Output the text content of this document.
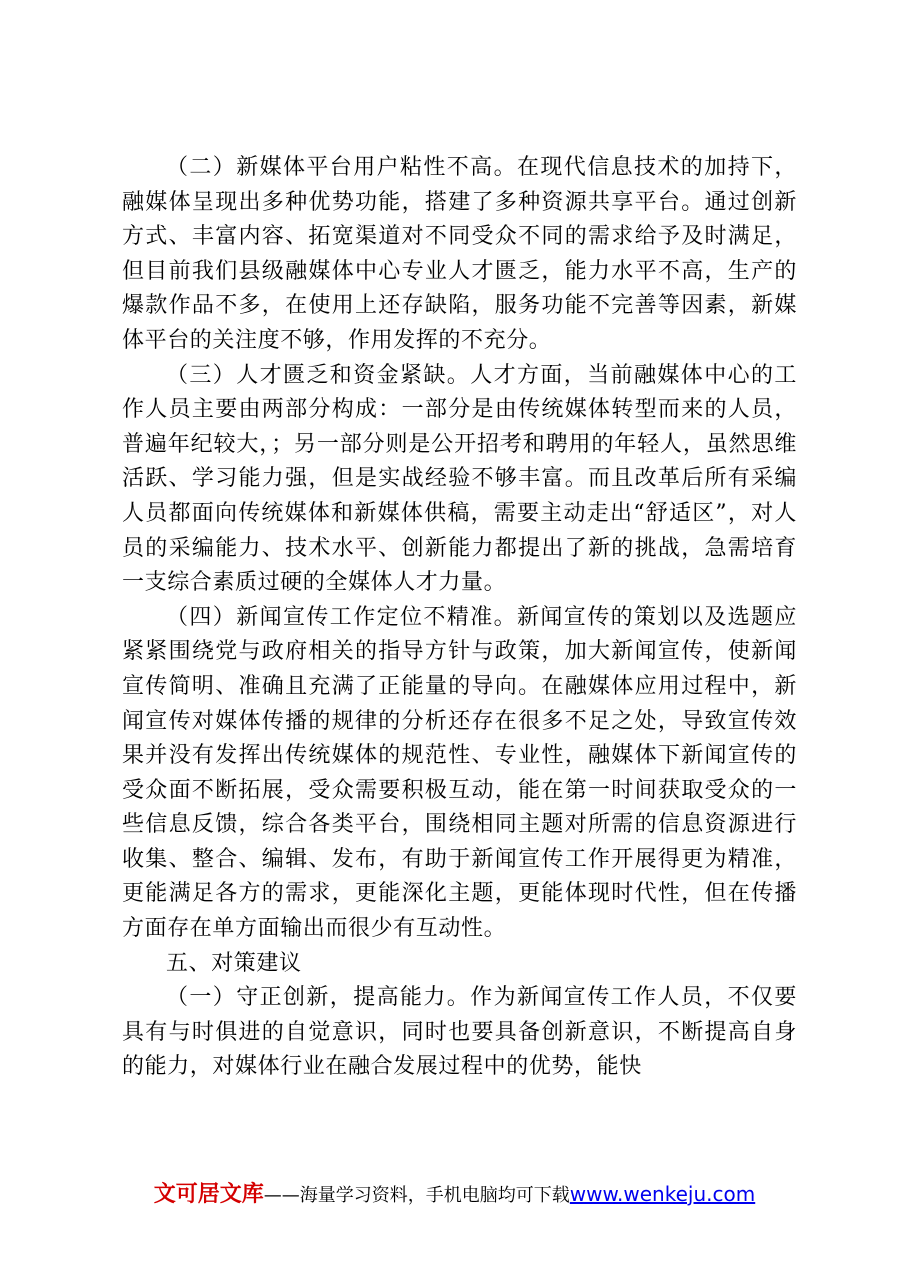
（二）新媒体平台用户粘性不高。在现代信息技术的加持下，融媒体呈现出多种优势功能，搭建了多种资源共享平台。通过创新方式、丰富内容、拓宽渠道对不同受众不同的需求给予及时满足，但目前我们县级融媒体中心专业人才匮乏，能力水平不高，生产的爆款作品不多，在使用上还存缺陷，服务功能不完善等因素，新媒体平台的关注度不够，作用发挥的不充分。

（三）人才匮乏和资金紧缺。人才方面，当前融媒体中心的工作人员主要由两部分构成：一部分是由传统媒体转型而来的人员，普遍年纪较大，；另一部分则是公开招考和聘用的年轻人，虽然思维活跃、学习能力强，但是实战经验不够丰富。而且改革后所有采编人员都面向传统媒体和新媒体供稿，需要主动走出“舒适区”，对人员的采编能力、技术水平、创新能力都提出了新的挑战，急需培育一支综合素质过硬的全媒体人才力量。

（四）新闻宣传工作定位不精准。新闻宣传的策划以及选题应紧紧围绕党与政府相关的指导方针与政策，加大新闻宣传，使新闻宣传简明、准确且充满了正能量的导向。在融媒体应用过程中，新闻宣传对媒体传播的规律的分析还存在很多不足之处，导致宣传效果并没有发挥出传统媒体的规范性、专业性，融媒体下新闻宣传的受众面不断拓展，受众需要积极互动，能在第一时间获取受众的一些信息反馈，综合各类平台，围绕相同主题对所需的信息资源进行收集、整合、编辑、发布，有助于新闻宣传工作开展得更为精准，更能满足各方的需求，更能深化主题，更能体现时代性，但在传播方面存在单方面输出而很少有互动性。

五、对策建议

（一）守正创新，提高能力。作为新闻宣传工作人员，不仅要具有与时俱进的自觉意识，同时也要具备创新意识，不断提高自身的能力，对媒体行业在融合发展过程中的优势，能快

文可居文库——海量学习资料，手机电脑均可下载www.wenkeju.com
